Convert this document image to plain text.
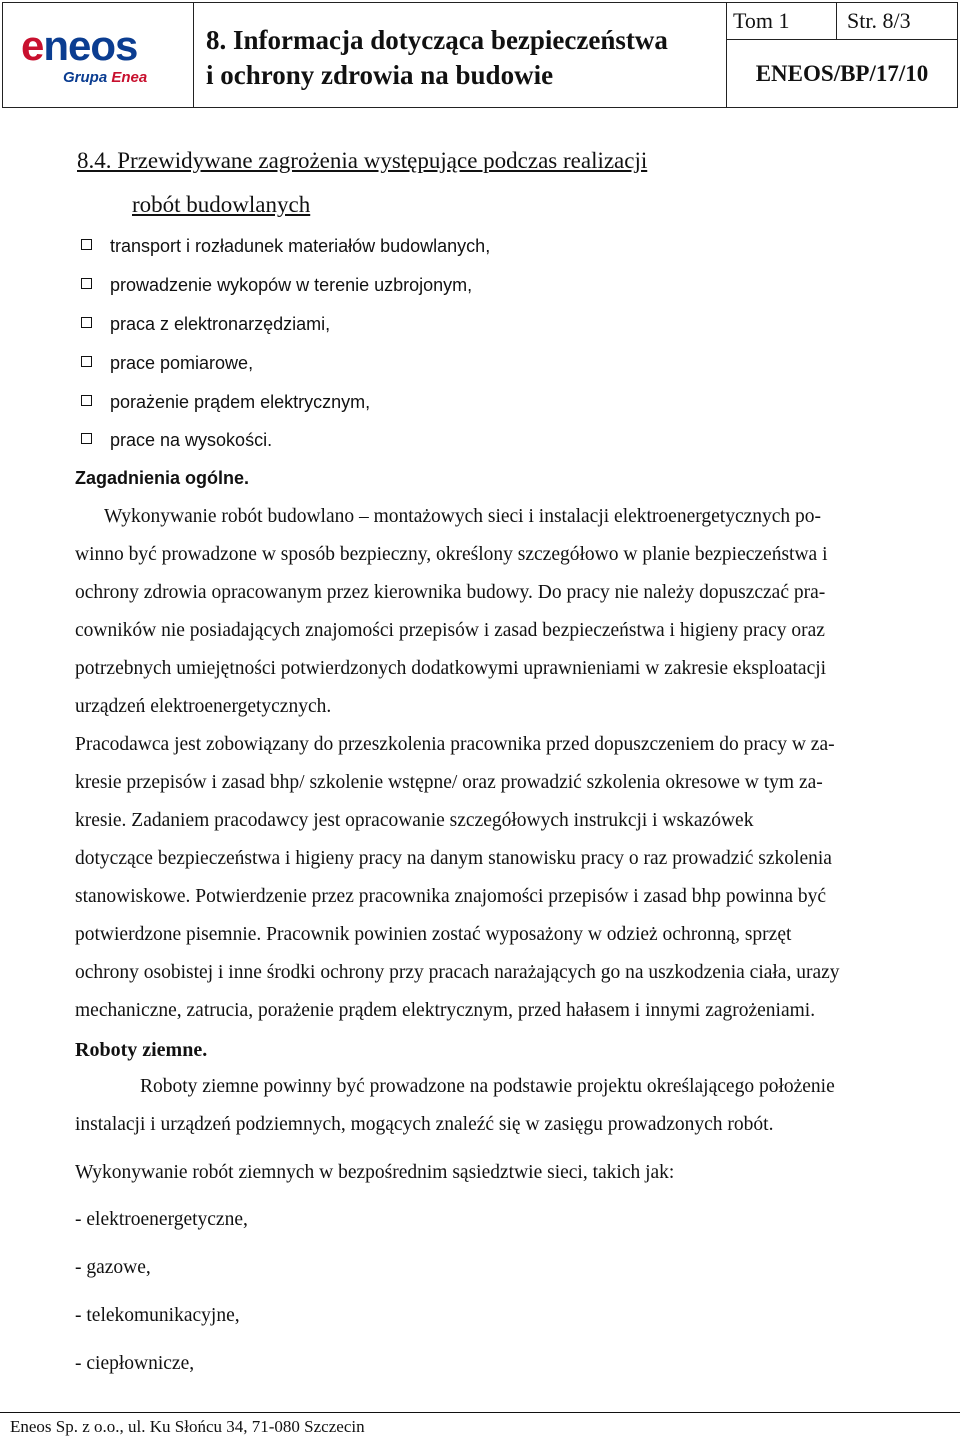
eneos
Grupa Enea
8. Informacja dotycząca bezpieczeństwa
i ochrony zdrowia na budowie
Tom 1	Str. 8/3
ENEOS/BP/17/10
8.4. Przewidywane zagrożenia występujące podczas realizacji
robót budowlanych
transport i rozładunek materiałów budowlanych,
prowadzenie wykopów w terenie uzbrojonym,
praca z elektronarzędziami,
prace pomiarowe,
porażenie prądem elektrycznym,
prace na wysokości.
Zagadnienia ogólne.
Wykonywanie robót budowlano – montażowych sieci i instalacji elektroenergetycznych po-
winno być prowadzone w sposób bezpieczny, określony szczegółowo w planie bezpieczeństwa i
ochrony zdrowia opracowanym przez kierownika budowy. Do pracy nie należy dopuszczać pra-
cowników nie posiadających znajomości przepisów i zasad bezpieczeństwa i higieny pracy oraz
potrzebnych umiejętności potwierdzonych dodatkowymi uprawnieniami w zakresie eksploatacji
urządzeń elektroenergetycznych.
Pracodawca jest zobowiązany do przeszkolenia pracownika przed dopuszczeniem do pracy w za-
kresie przepisów i zasad bhp/ szkolenie wstępne/ oraz prowadzić szkolenia okresowe w tym za-
kresie. Zadaniem pracodawcy jest opracowanie szczegółowych instrukcji i wskazówek
dotyczące bezpieczeństwa i higieny pracy na danym stanowisku pracy o raz prowadzić szkolenia
stanowiskowe. Potwierdzenie przez pracownika znajomości przepisów i zasad bhp powinna być
potwierdzone pisemnie. Pracownik powinien zostać wyposażony w odzież ochronną, sprzęt
ochrony osobistej i inne środki ochrony przy pracach narażających go na uszkodzenia ciała, urazy
mechaniczne, zatrucia, porażenie prądem elektrycznym, przed hałasem i innymi zagrożeniami.
Roboty ziemne.
Roboty ziemne powinny być prowadzone na podstawie projektu określającego położenie
instalacji i urządzeń podziemnych, mogących znaleźć się w zasięgu prowadzonych robót.
Wykonywanie robót ziemnych w bezpośrednim sąsiedztwie sieci, takich jak:
- elektroenergetyczne,
- gazowe,
- telekomunikacyjne,
- ciepłownicze,
Eneos Sp. z o.o., ul. Ku Słońcu 34, 71-080 Szczecin
